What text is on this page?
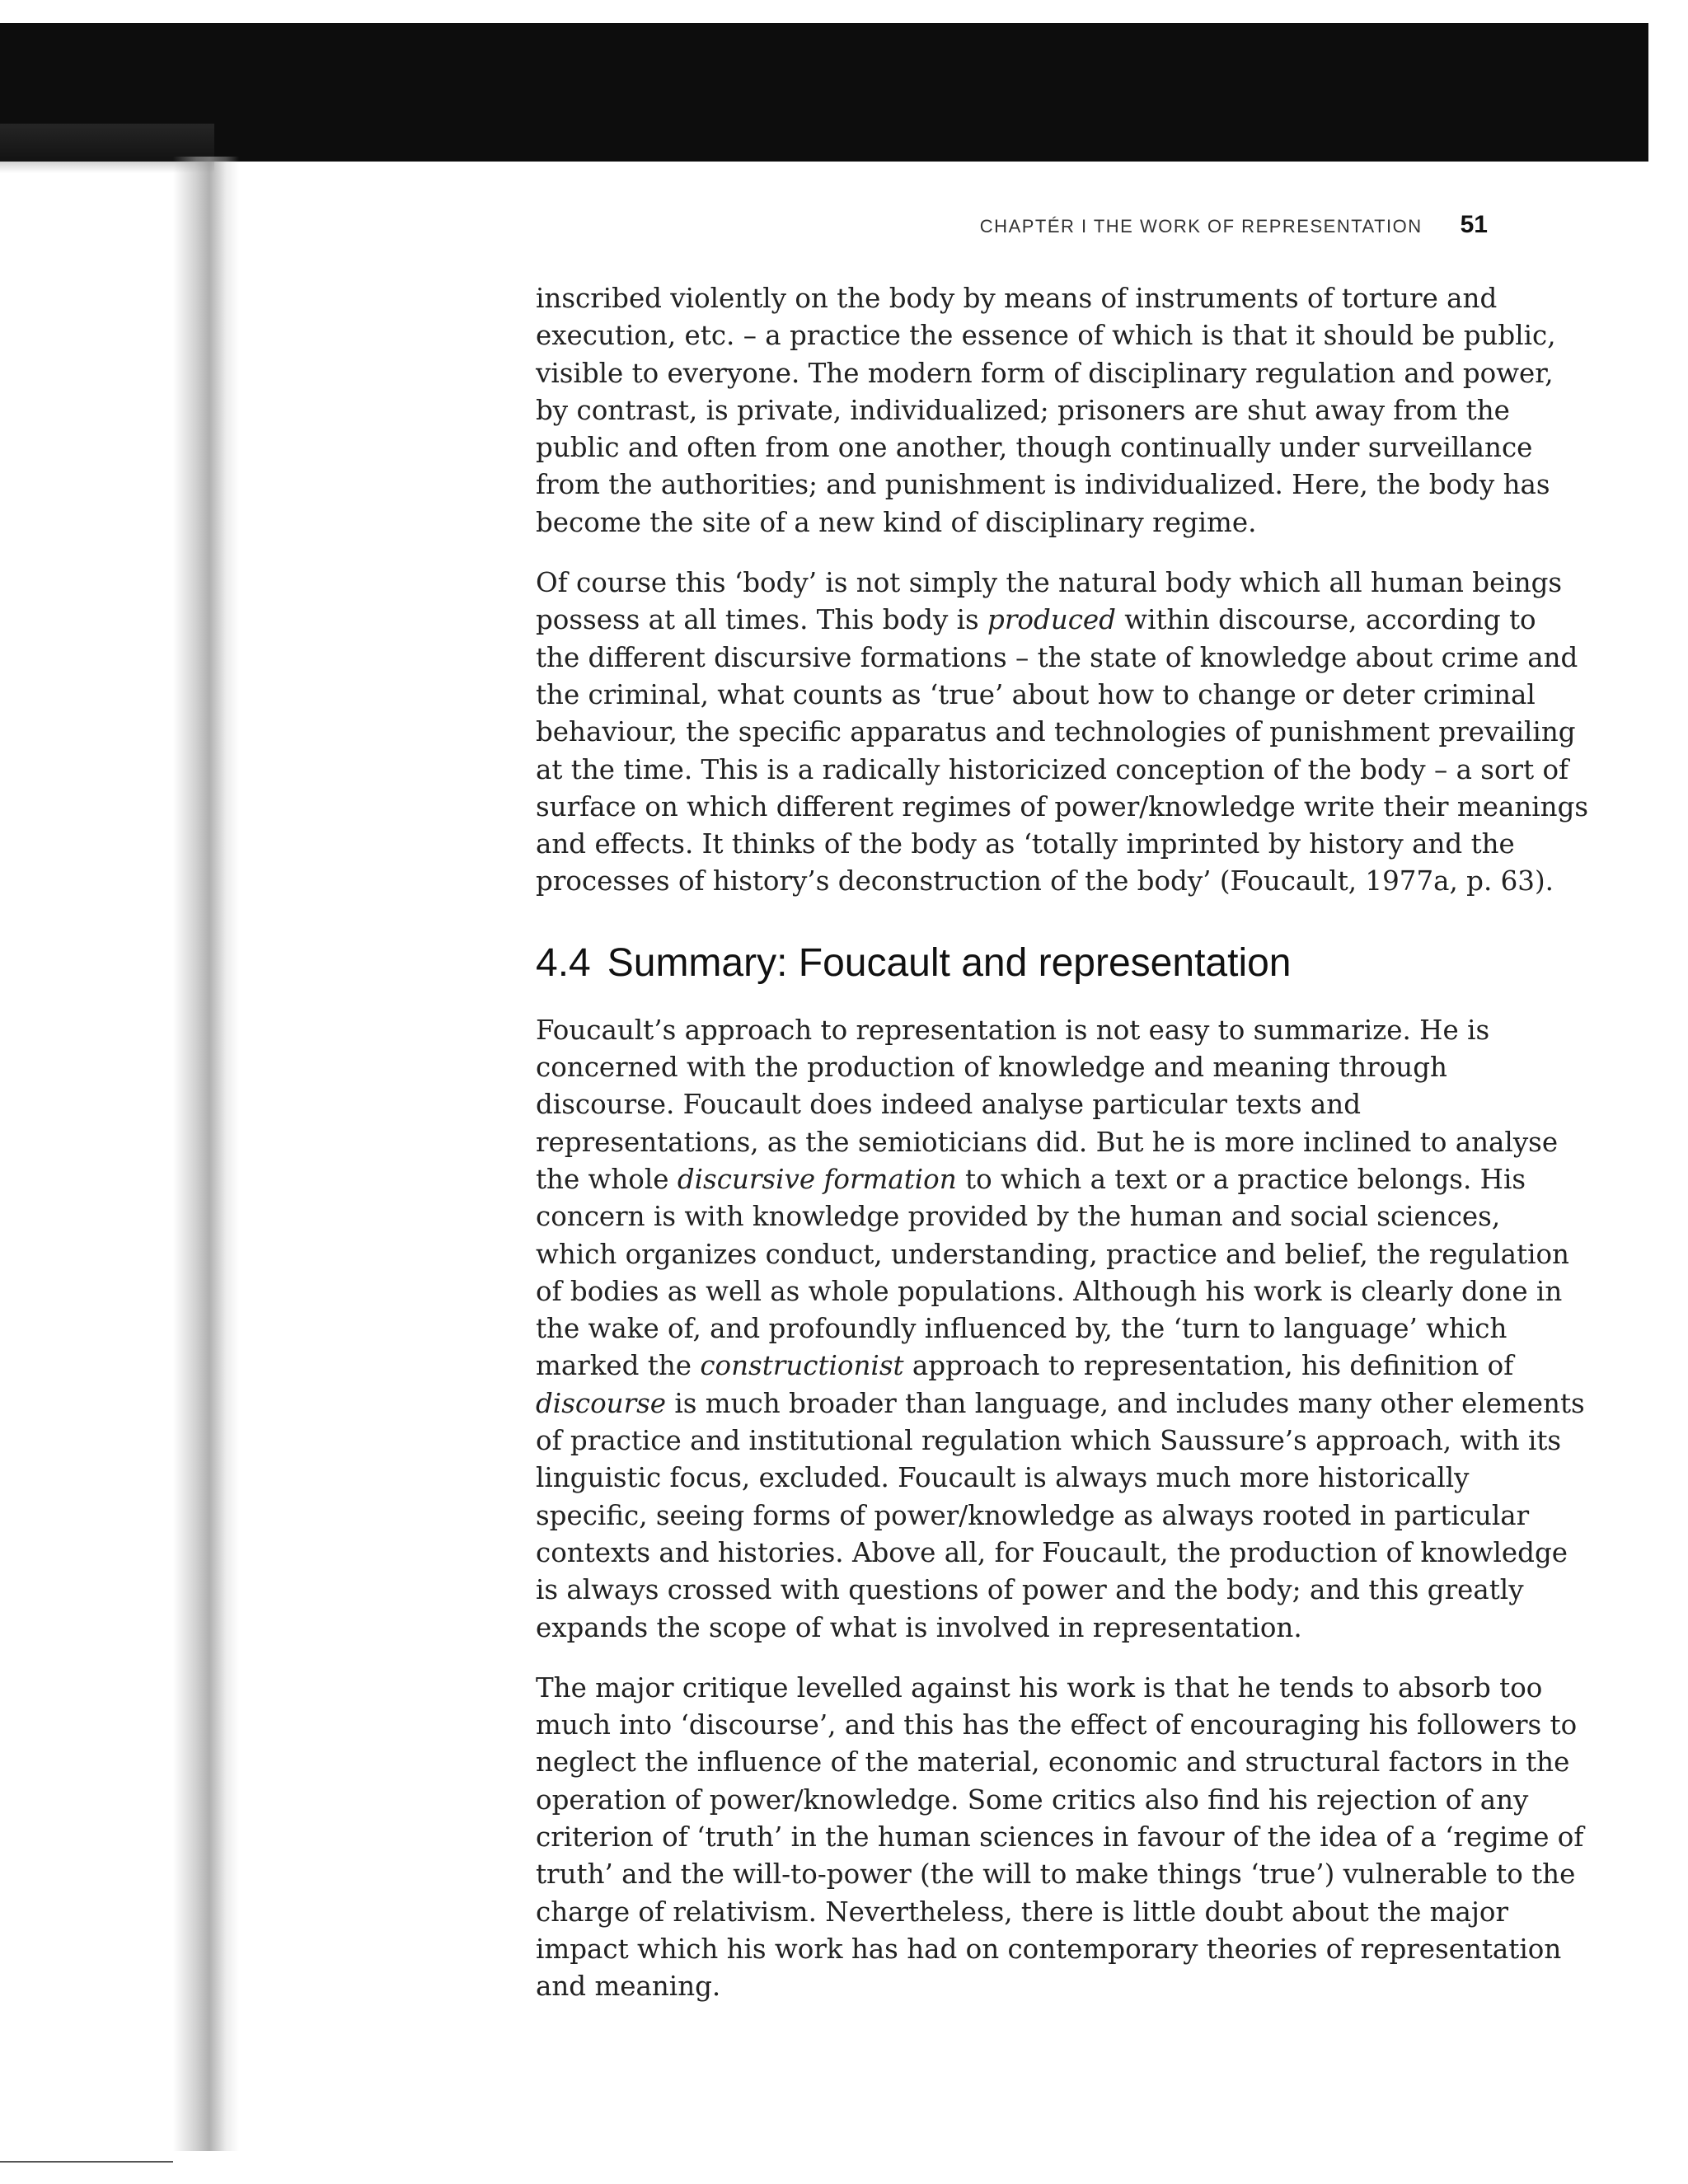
CHAPTÉR I THE WORK OF REPRESENTATION 51

inscribed violently on the body by means of instruments of torture and
execution, etc. – a practice the essence of which is that it should be public,
visible to everyone. The modern form of disciplinary regulation and power,
by contrast, is private, individualized; prisoners are shut away from the
public and often from one another, though continually under surveillance
from the authorities; and punishment is individualized. Here, the body has
become the site of a new kind of disciplinary regime.

Of course this ‘body’ is not simply the natural body which all human beings
possess at all times. This body is produced within discourse, according to
the different discursive formations – the state of knowledge about crime and
the criminal, what counts as ‘true’ about how to change or deter criminal
behaviour, the specific apparatus and technologies of punishment prevailing
at the time. This is a radically historicized conception of the body – a sort of
surface on which different regimes of power/knowledge write their meanings
and effects. It thinks of the body as ‘totally imprinted by history and the
processes of history’s deconstruction of the body’ (Foucault, 1977a, p. 63).

4.4 Summary: Foucault and representation

Foucault’s approach to representation is not easy to summarize. He is
concerned with the production of knowledge and meaning through
discourse. Foucault does indeed analyse particular texts and
representations, as the semioticians did. But he is more inclined to analyse
the whole discursive formation to which a text or a practice belongs. His
concern is with knowledge provided by the human and social sciences,
which organizes conduct, understanding, practice and belief, the regulation
of bodies as well as whole populations. Although his work is clearly done in
the wake of, and profoundly influenced by, the ‘turn to language’ which
marked the constructionist approach to representation, his definition of
discourse is much broader than language, and includes many other elements
of practice and institutional regulation which Saussure’s approach, with its
linguistic focus, excluded. Foucault is always much more historically
specific, seeing forms of power/knowledge as always rooted in particular
contexts and histories. Above all, for Foucault, the production of knowledge
is always crossed with questions of power and the body; and this greatly
expands the scope of what is involved in representation.

The major critique levelled against his work is that he tends to absorb too
much into ‘discourse’, and this has the effect of encouraging his followers to
neglect the influence of the material, economic and structural factors in the
operation of power/knowledge. Some critics also find his rejection of any
criterion of ‘truth’ in the human sciences in favour of the idea of a ‘regime of
truth’ and the will-to-power (the will to make things ‘true’) vulnerable to the
charge of relativism. Nevertheless, there is little doubt about the major
impact which his work has had on contemporary theories of representation
and meaning.
